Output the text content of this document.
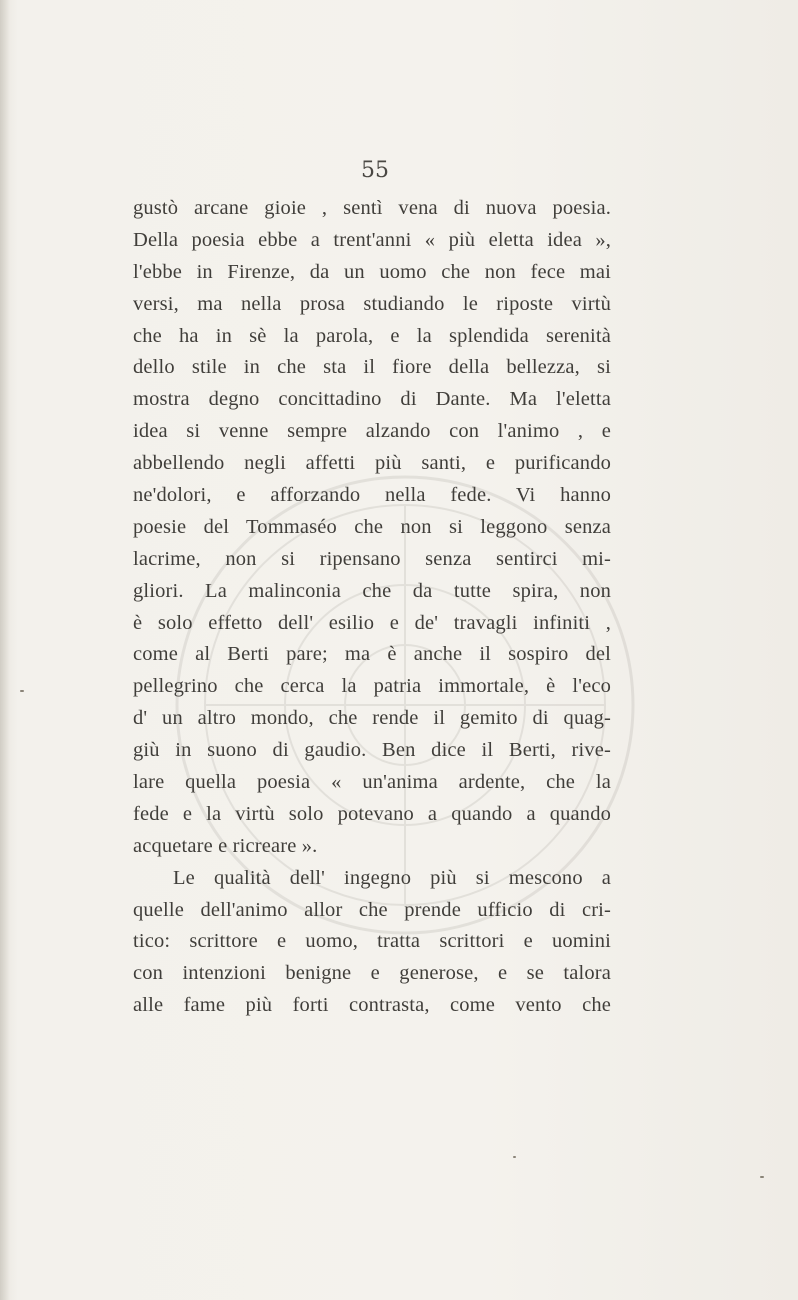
55
gustò arcane gioie , sentì vena di nuova poesia.
Della poesia ebbe a trent'anni « più eletta idea »,
l'ebbe in Firenze, da un uomo che non fece mai
versi, ma nella prosa studiando le riposte virtù
che ha in sè la parola, e la splendida serenità
dello stile in che sta il fiore della bellezza, si
mostra degno concittadino di Dante. Ma l'eletta
idea si venne sempre alzando con l'animo , e
abbellendo negli affetti più santi, e purificando
ne'dolori, e afforzando nella fede. Vi hanno
poesie del Tommaséo che non si leggono senza
lacrime, non si ripensano senza sentirci mi-
gliori. La malinconia che da tutte spira, non
è solo effetto dell' esilio e de' travagli infiniti ,
come al Berti pare; ma è anche il sospiro del
pellegrino che cerca la patria immortale, è l'eco
d' un altro mondo, che rende il gemito di quag-
giù in suono di gaudio. Ben dice il Berti, rive-
lare quella poesia « un'anima ardente, che la
fede e la virtù solo potevano a quando a quando
acquetare e ricreare ».
Le qualità dell' ingegno più si mescono a
quelle dell'animo allor che prende ufficio di cri-
tico: scrittore e uomo, tratta scrittori e uomini
con intenzioni benigne e generose, e se talora
alle fame più forti contrasta, come vento che
